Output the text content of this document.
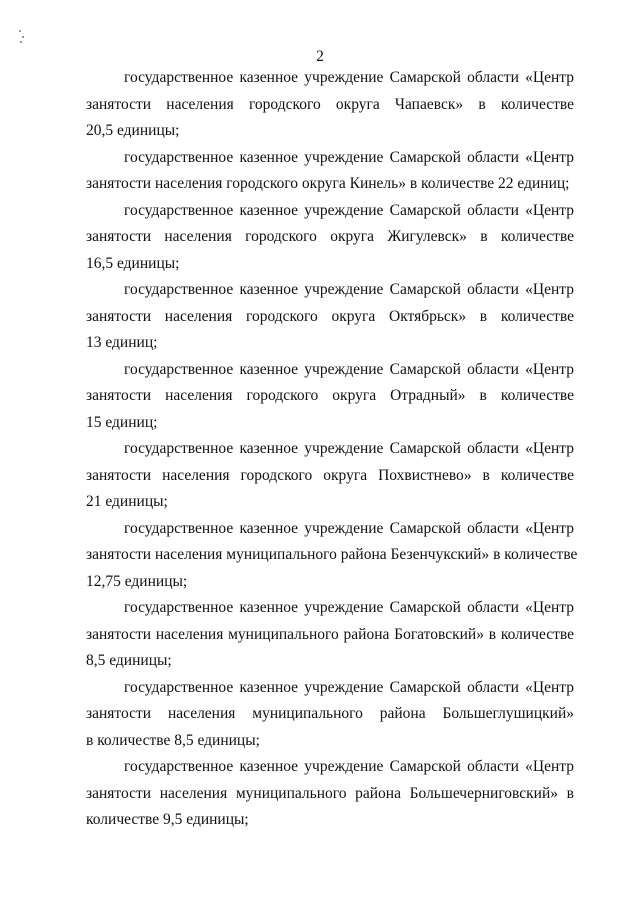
2
государственное казенное учреждение Самарской области «Центр
занятости населения городского округа Чапаевск» в количестве
20,5 единицы;
государственное казенное учреждение Самарской области «Центр
занятости населения городского округа Кинель» в количестве 22 единиц;
государственное казенное учреждение Самарской области «Центр
занятости населения городского округа Жигулевск» в количестве
16,5 единицы;
государственное казенное учреждение Самарской области «Центр
занятости населения городского округа Октябрьск» в количестве
13 единиц;
государственное казенное учреждение Самарской области «Центр
занятости населения городского округа Отрадный» в количестве
15 единиц;
государственное казенное учреждение Самарской области «Центр
занятости населения городского округа Похвистнево» в количестве
21 единицы;
государственное казенное учреждение Самарской области «Центр
занятости населения муниципального района Безенчукский» в количестве
12,75 единицы;
государственное казенное учреждение Самарской области «Центр
занятости населения муниципального района Богатовский» в количестве
8,5 единицы;
государственное казенное учреждение Самарской области «Центр
занятости населения муниципального района Большеглушицкий»
в количестве 8,5 единицы;
государственное казенное учреждение Самарской области «Центр
занятости населения муниципального района Большечерниговский» в
количестве 9,5 единицы;
